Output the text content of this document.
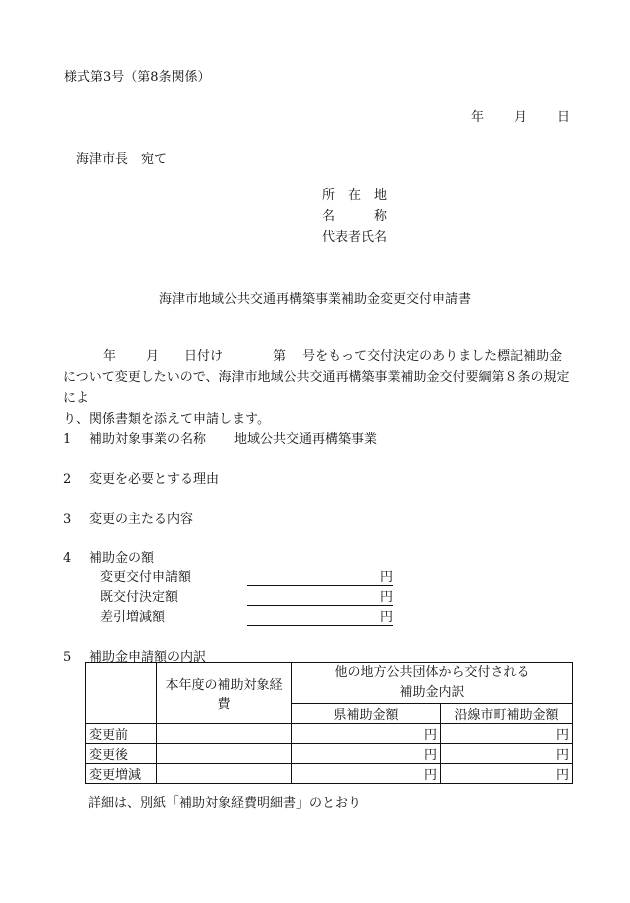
様式第3号（第8条関係）
年 月 日
海津市長　宛て
所　在　地
名　　　称
代表者氏名
海津市地域公共交通再構築事業補助金変更交付申請書
年 月 日付け	第 号をもって交付決定のありました標記補助金
について変更したいので、海津市地域公共交通再構築事業補助金交付要綱第８条の規定によ
り、関係書類を添えて申請します。
1 補助対象事業の名称 地域公共交通再構築事業
2 変更を必要とする理由
3 変更の主たる内容
4 補助金の額
変更交付申請額	円
既交付決定額	円
差引増減額	円
5 補助金申請額の内訳
	本年度の補助対象経費	他の地方公共団体から交付される
補助金内訳	

		県補助金額	沿線市町補助金額
変更前		円	円
変更後		円	円
変更増減		円	円
詳細は、別紙「補助対象経費明細書」のとおり
